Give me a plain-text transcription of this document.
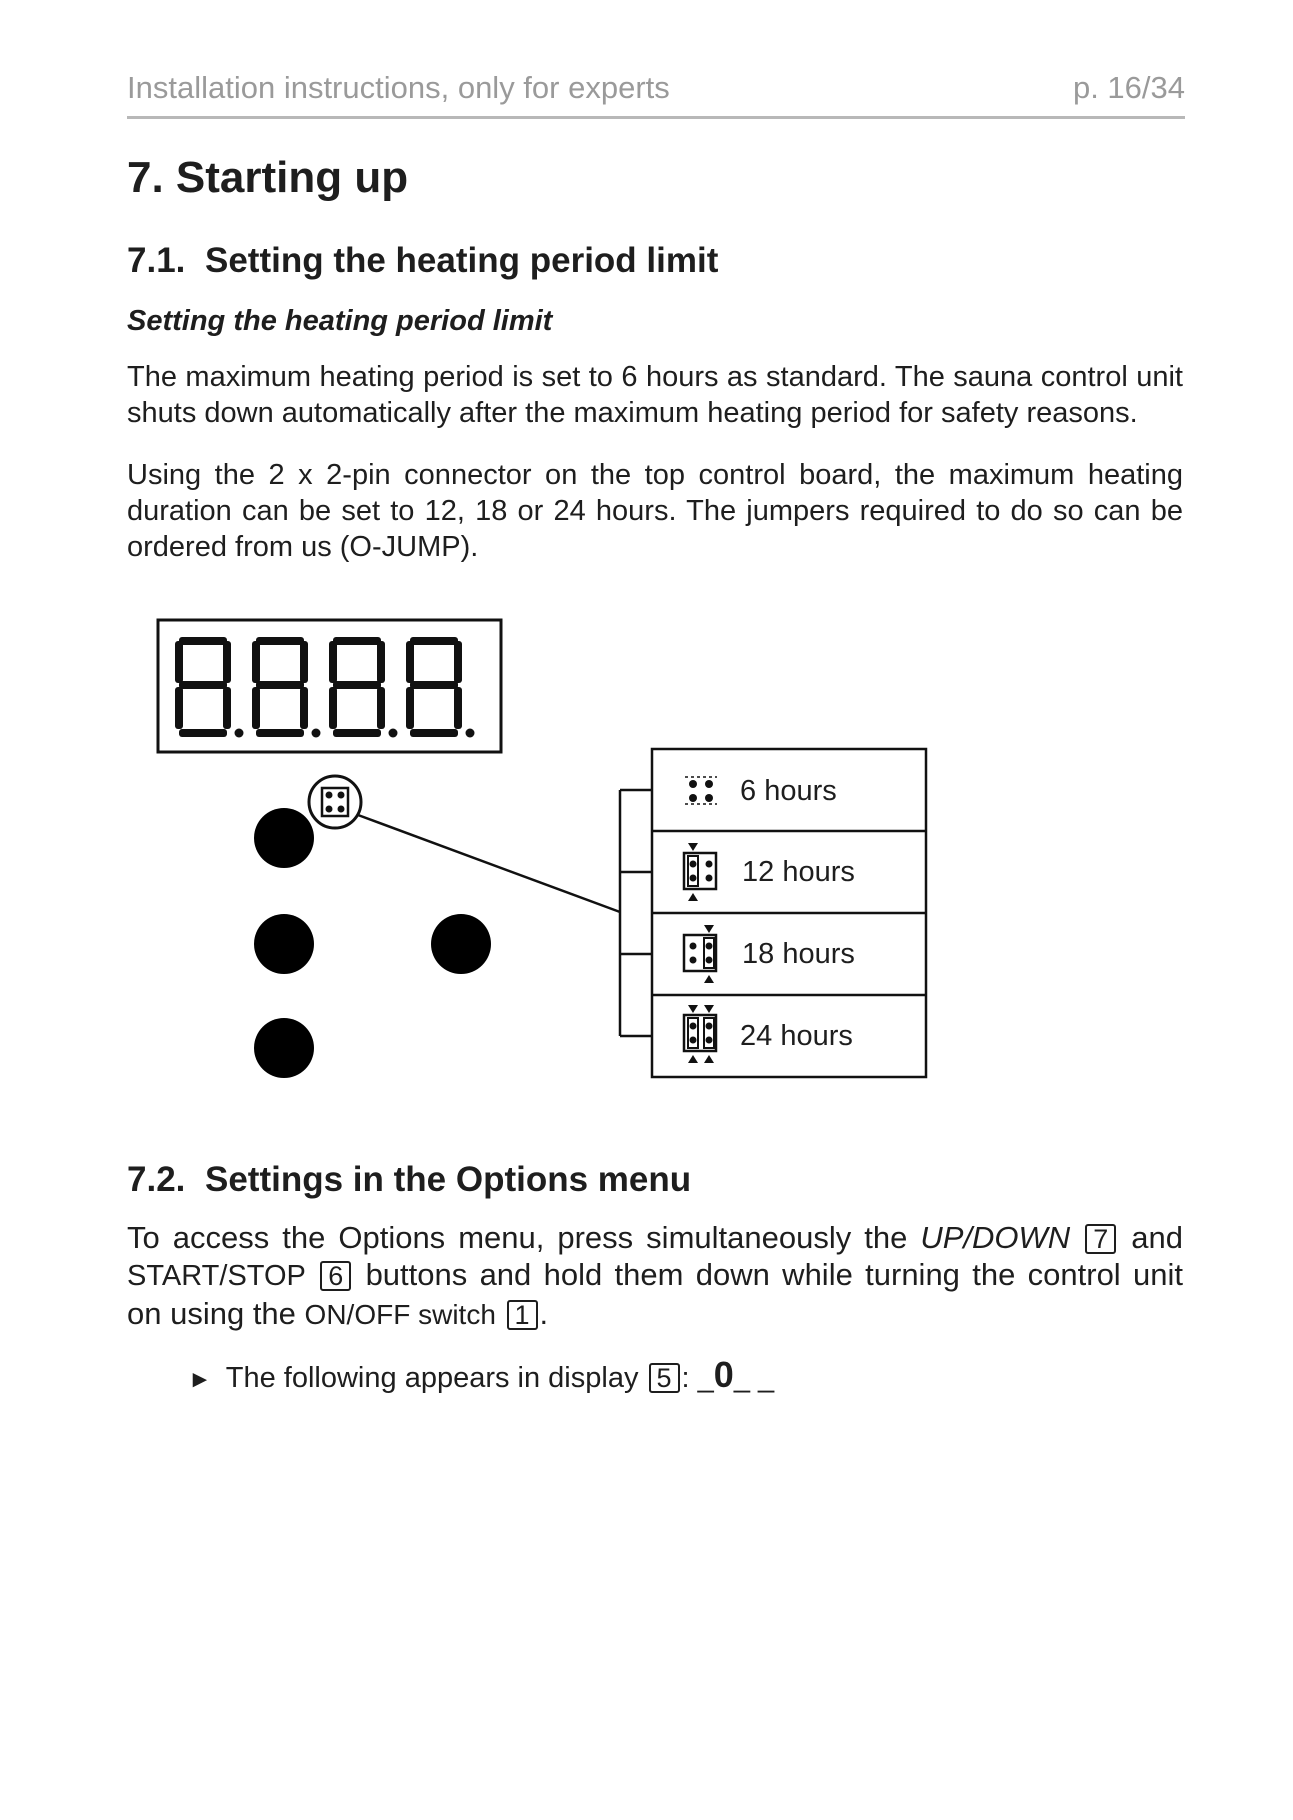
Installation instructions, only for experts	p. 16/34
7. Starting up
7.1. Setting the heating period limit
Setting the heating period limit
The maximum heating period is set to 6 hours as standard. The sauna control unit shuts down automatically after the maximum heating period for safety reasons.
Using the 2 x 2-pin connector on the top control board, the maximum heating duration can be set to 12, 18 or 24 hours. The jumpers required to do so can be ordered from us (O-JUMP).
6 hours
12 hours
18 hours
24 hours
7.2. Settings in the Options menu
To access the Options menu, press simultaneously the UP/DOWN 7 and START/STOP 6 buttons and hold them down while turning the control unit on using the ON/OFF switch 1 .
► The following appears in display 5 : _0_ _
